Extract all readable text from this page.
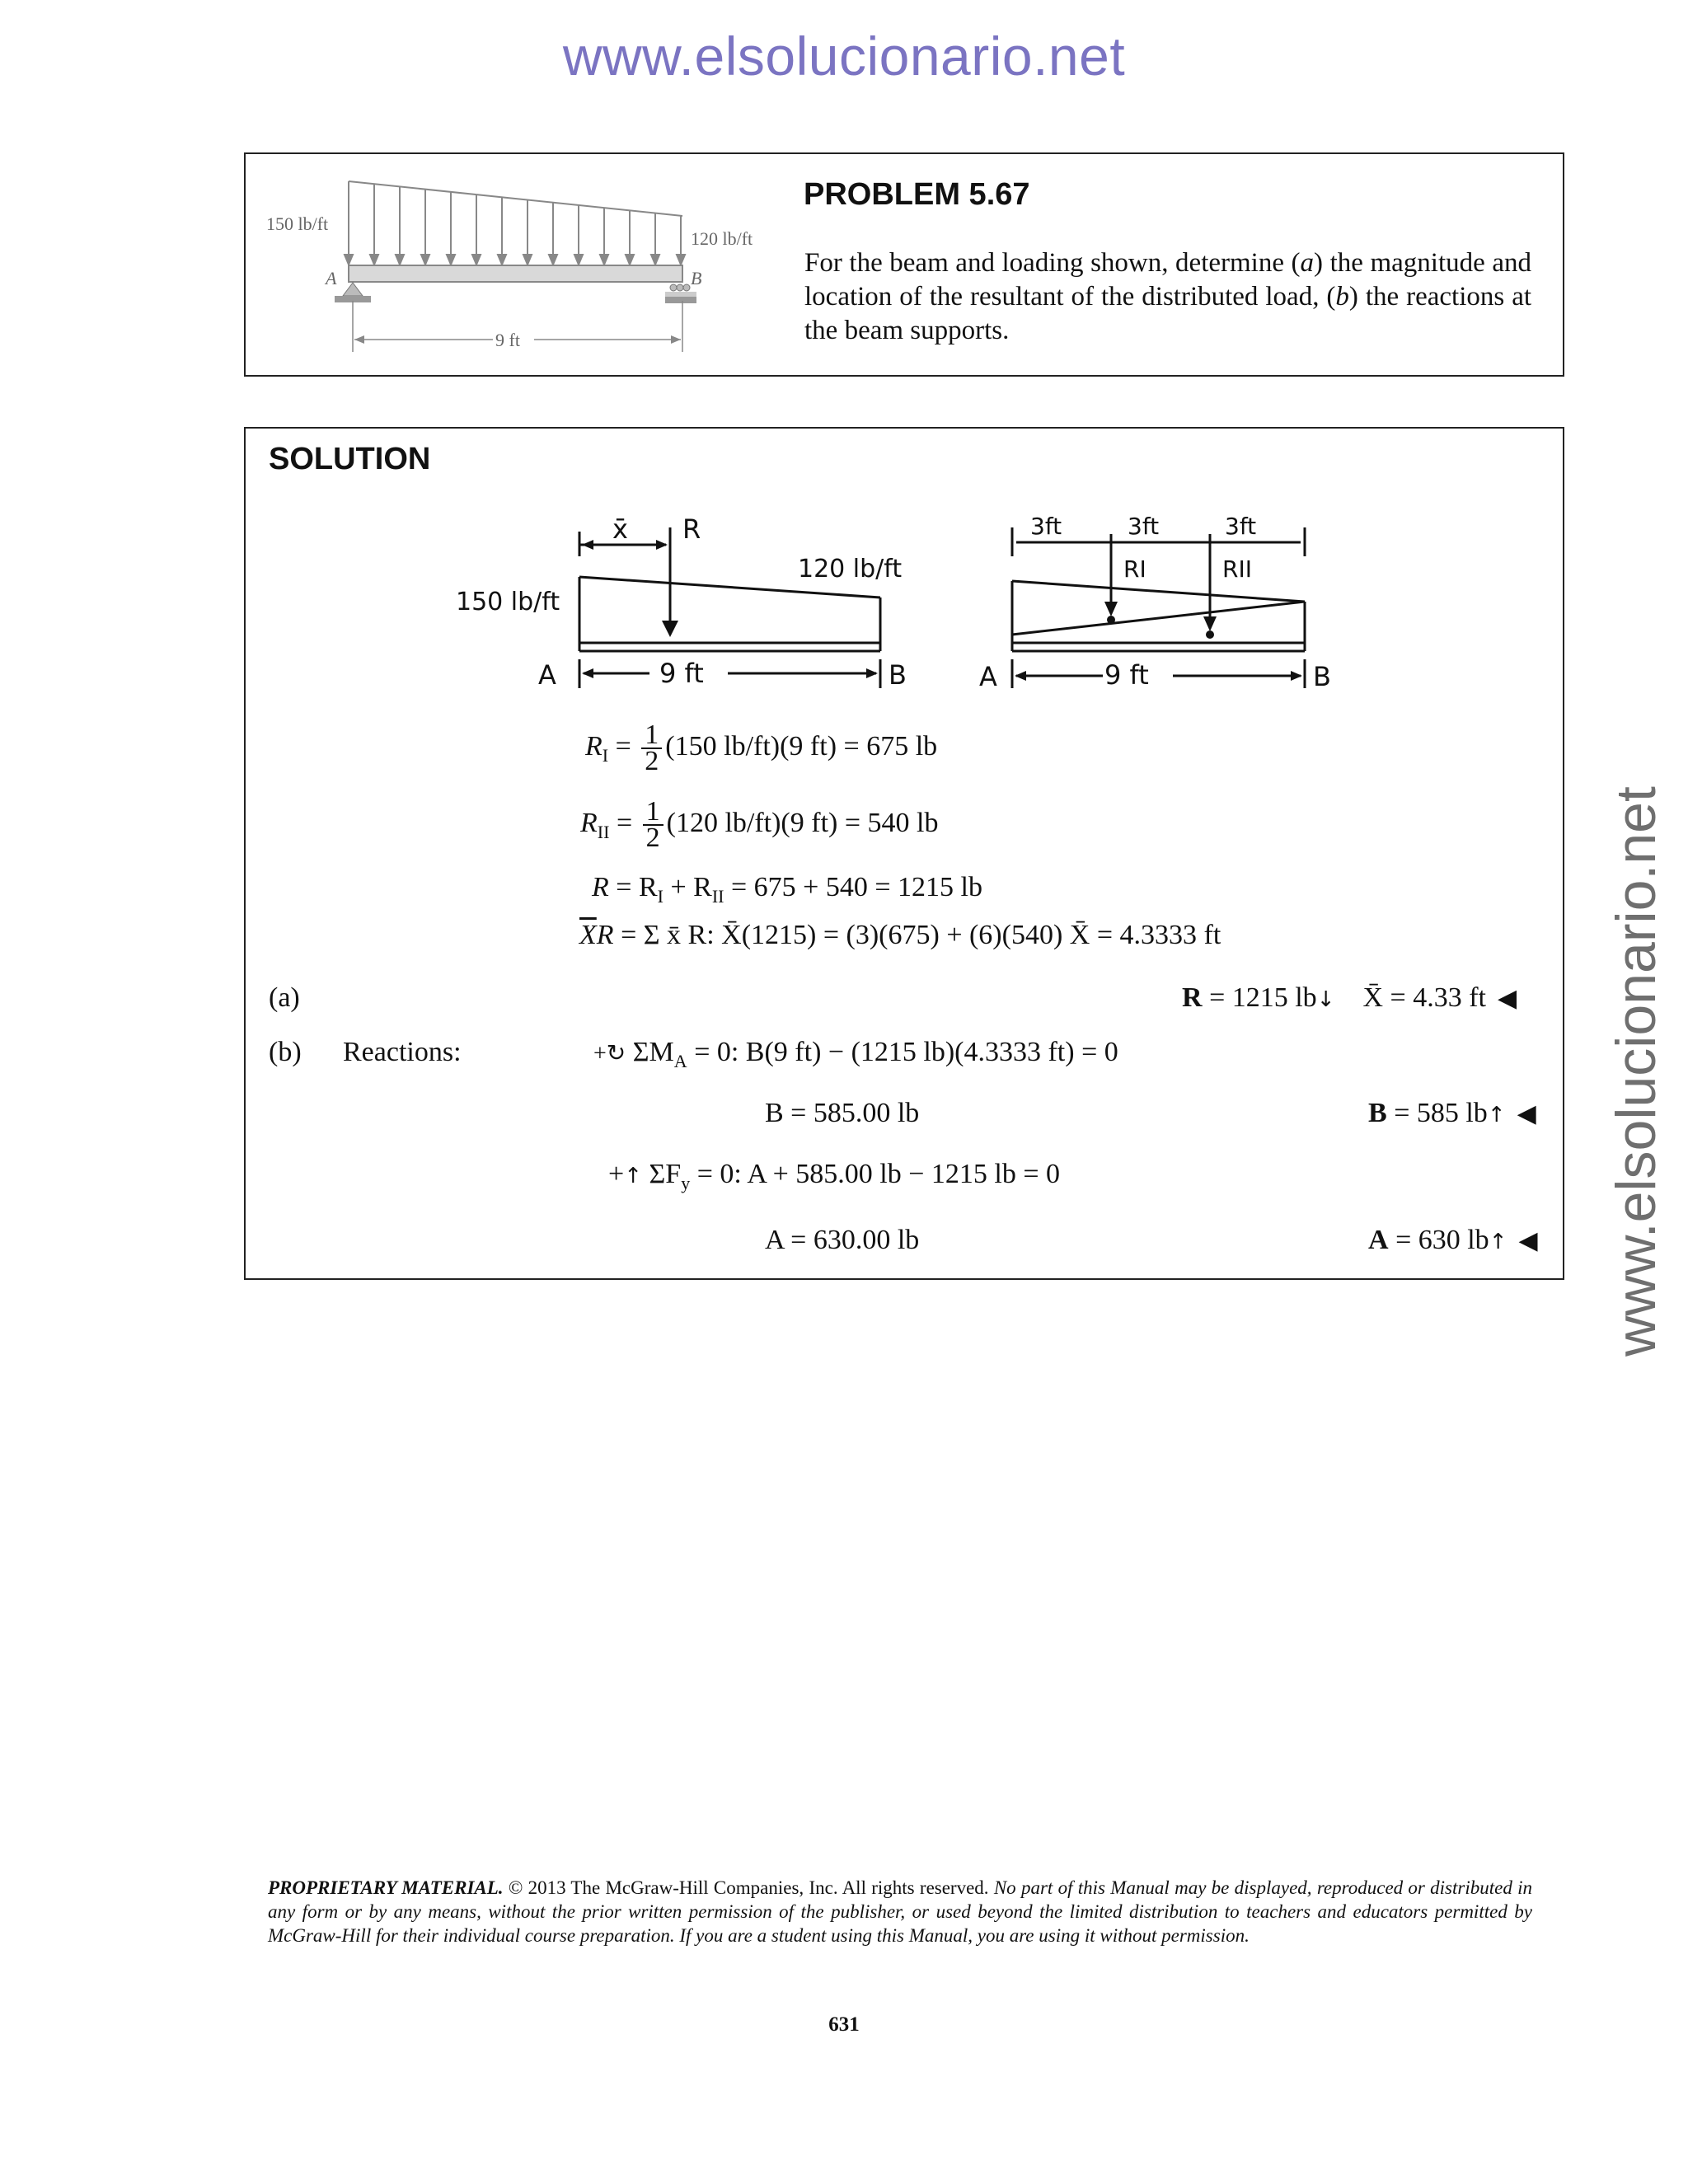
www.elsolucionario.net
www.elsolucionario.net
9 ft
150 lb/ft
120 lb/ft
A	B
PROBLEM 5.67
For the beam and loading shown, determine (a) the magnitude and location of the resultant of the distributed load, (b) the reactions at the beam supports.
SOLUTION
x̄ R
150 lb/ft
120 lb/ft
A	9 ft	B
3ft	3ft	3ft
RI	RII
A	9 ft	B
$R_I = \frac{1}{2} (150$ lb/ft)(9 ft) = 675 lb
$R_{II} = \frac{1}{2} (120$ lb/ft)(9 ft) = 540 lb
$R = R_I + R_{II} = 675 + 540 = 1215$ lb
$\overline{X}R = \Sigma$ x̄ R: X̄(1215) = (3)(675) + (6)(540) X̄ = 4.3333 ft
(a)	R = 1215 lb↓ X̄ = 4.33 ft ◀
(b) Reactions:	+↻ $\Sigma M_A = 0$: B(9 ft) − (1215 lb)(4.3333 ft) = 0
B = 585.00 lb	B = 585 lb↑ ◀
+↑ $\Sigma F_y = 0$: A + 585.00 lb − 1215 lb = 0
A = 630.00 lb	A = 630 lb↑ ◀
PROPRIETARY MATERIAL. © 2013 The McGraw-Hill Companies, Inc. All rights reserved. No part of this Manual may be displayed, reproduced or distributed in any form or by any means, without the prior written permission of the publisher, or used beyond the limited distribution to teachers and educators permitted by McGraw-Hill for their individual course preparation. If you are a student using this Manual, you are using it without permission.
631
